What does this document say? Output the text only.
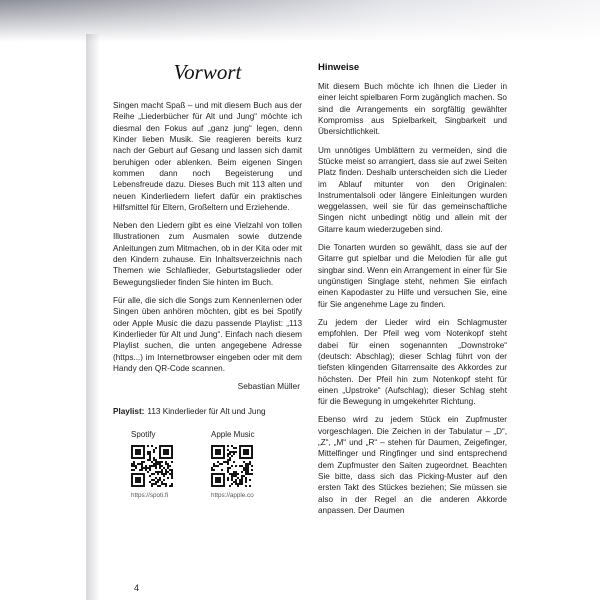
Vorwort

Singen macht Spaß – und mit diesem Buch aus der Reihe „Liederbücher für Alt und Jung“ möchte ich diesmal den Fokus auf „ganz jung“ legen, denn Kinder lieben Musik. Sie reagieren bereits kurz nach der Geburt auf Gesang und lassen sich damit beruhigen oder ablenken. Beim eigenen Singen kommen dann noch Begeisterung und Lebensfreude dazu. Dieses Buch mit 113 alten und neuen Kinderliedern liefert dafür ein praktisches Hilfsmittel für Eltern, Großeltern und Erziehende.

Neben den Liedern gibt es eine Vielzahl von tollen Illustrationen zum Ausmalen sowie dutzende Anleitungen zum Mitmachen, ob in der Kita oder mit den Kindern zuhause. Ein Inhaltsverzeichnis nach Themen wie Schlaflieder, Geburtstagslieder oder Bewegungslieder finden Sie hinten im Buch.

Für alle, die sich die Songs zum Kennenlernen oder Singen üben anhören möchten, gibt es bei Spotify oder Apple Music die dazu passende Playlist: „113 Kinderlieder für Alt und Jung“. Einfach nach diesem Playlist suchen, die unten angegebene Adresse (https...) im Internetbrowser eingeben oder mit dem Handy den QR-Code scannen.

Sebastian Müller
Playlist: 113 Kinderlieder für Alt und Jung
Spotify	Apple Music
https://spoti.fi	https://apple.co
Hinweise

Mit diesem Buch möchte ich Ihnen die Lieder in einer leicht spielbaren Form zugänglich machen. So sind die Arrangements ein sorgfältig gewählter Kompromiss aus Spielbarkeit, Singbarkeit und Übersichtlichkeit.

Um unnötiges Umblättern zu vermeiden, sind die Stücke meist so arrangiert, dass sie auf zwei Seiten Platz finden. Deshalb unterscheiden sich die Lieder im Ablauf mitunter von den Originalen: Instrumentalsoli oder längere Einleitungen wurden weggelassen, weil sie für das gemeinschaftliche Singen nicht unbedingt nötig und allein mit der Gitarre kaum wiederzugeben sind.

Die Tonarten wurden so gewählt, dass sie auf der Gitarre gut spielbar und die Melodien für alle gut singbar sind. Wenn ein Arrangement in einer für Sie ungünstigen Singlage steht, nehmen Sie einfach einen Kapodaster zu Hilfe und versuchen Sie, eine für Sie angenehme Lage zu finden.

Zu jedem der Lieder wird ein Schlagmuster empfohlen. Der Pfeil weg vom Notenkopf steht dabei für einen sogenannten „Downstroke“ (deutsch: Abschlag); dieser Schlag führt von der tiefsten klingenden Gitarrensaite des Akkordes zur höchsten. Der Pfeil hin zum Notenkopf steht für einen „Upstroke“ (Aufschlag); dieser Schlag steht für die Bewegung in umgekehrter Richtung.

Ebenso wird zu jedem Stück ein Zupfmuster vorgeschlagen. Die Zeichen in der Tabulatur – „D“, „Z“, „M“ und „R“ – stehen für Daumen, Zeigefinger, Mittelfinger und Ringfinger und sind entsprechend dem Zupfmuster den Saiten zugeordnet. Beachten Sie bitte, dass sich das Picking-Muster auf den ersten Takt des Stückes beziehen; Sie müssen sie also in der Regel an die anderen Akkorde anpassen. Der Daumen

4
